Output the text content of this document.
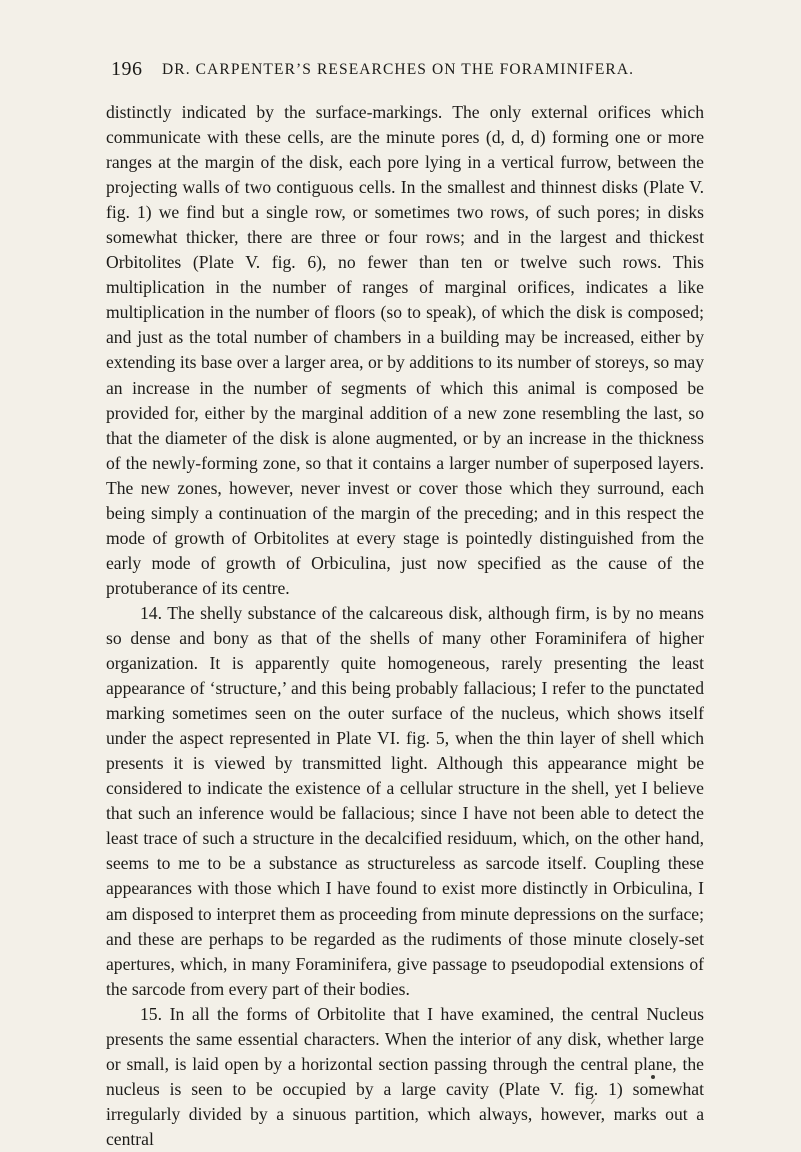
196 DR. CARPENTER’S RESEARCHES ON THE FORAMINIFERA.

distinctly indicated by the surface-markings. The only external orifices which communicate with these cells, are the minute pores (d, d, d) forming one or more ranges at the margin of the disk, each pore lying in a vertical furrow, between the projecting walls of two contiguous cells. In the smallest and thinnest disks (Plate V. fig. 1) we find but a single row, or sometimes two rows, of such pores; in disks somewhat thicker, there are three or four rows; and in the largest and thickest Orbitolites (Plate V. fig. 6), no fewer than ten or twelve such rows. This multiplication in the number of ranges of marginal orifices, indicates a like multiplication in the number of floors (so to speak), of which the disk is composed; and just as the total number of chambers in a building may be increased, either by extending its base over a larger area, or by additions to its number of storeys, so may an increase in the number of segments of which this animal is composed be provided for, either by the marginal addition of a new zone resembling the last, so that the diameter of the disk is alone augmented, or by an increase in the thickness of the newly-forming zone, so that it contains a larger number of superposed layers. The new zones, however, never invest or cover those which they surround, each being simply a continuation of the margin of the preceding; and in this respect the mode of growth of Orbitolites at every stage is pointedly distinguished from the early mode of growth of Orbiculina, just now specified as the cause of the protuberance of its centre.

14. The shelly substance of the calcareous disk, although firm, is by no means so dense and bony as that of the shells of many other Foraminifera of higher organization. It is apparently quite homogeneous, rarely presenting the least appearance of ‘structure,’ and this being probably fallacious; I refer to the punctated marking sometimes seen on the outer surface of the nucleus, which shows itself under the aspect represented in Plate VI. fig. 5, when the thin layer of shell which presents it is viewed by transmitted light. Although this appearance might be considered to indicate the existence of a cellular structure in the shell, yet I believe that such an inference would be fallacious; since I have not been able to detect the least trace of such a structure in the decalcified residuum, which, on the other hand, seems to me to be a substance as structureless as sarcode itself. Coupling these appearances with those which I have found to exist more distinctly in Orbiculina, I am disposed to interpret them as proceeding from minute depressions on the surface; and these are perhaps to be regarded as the rudiments of those minute closely-set apertures, which, in many Foraminifera, give passage to pseudopodial extensions of the sarcode from every part of their bodies.

15. In all the forms of Orbitolite that I have examined, the central Nucleus presents the same essential characters. When the interior of any disk, whether large or small, is laid open by a horizontal section passing through the central plane, the nucleus is seen to be occupied by a large cavity (Plate V. fig. 1) somewhat irregularly divided by a sinuous partition, which always, however, marks out a central
